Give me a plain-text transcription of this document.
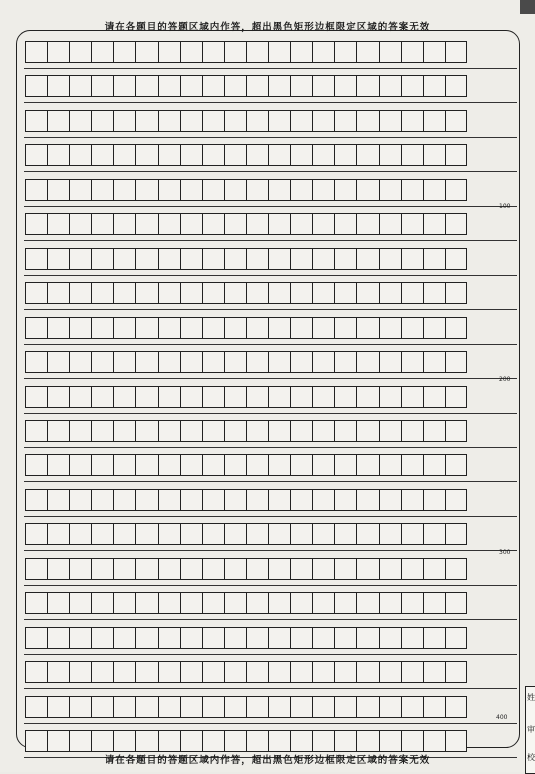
请在各题目的答题区域内作答，超出黑色矩形边框限定区域的答案无效
100
200
300
400
请在各题目的答题区域内作答，超出黑色矩形边框限定区域的答案无效
姓
审
校
